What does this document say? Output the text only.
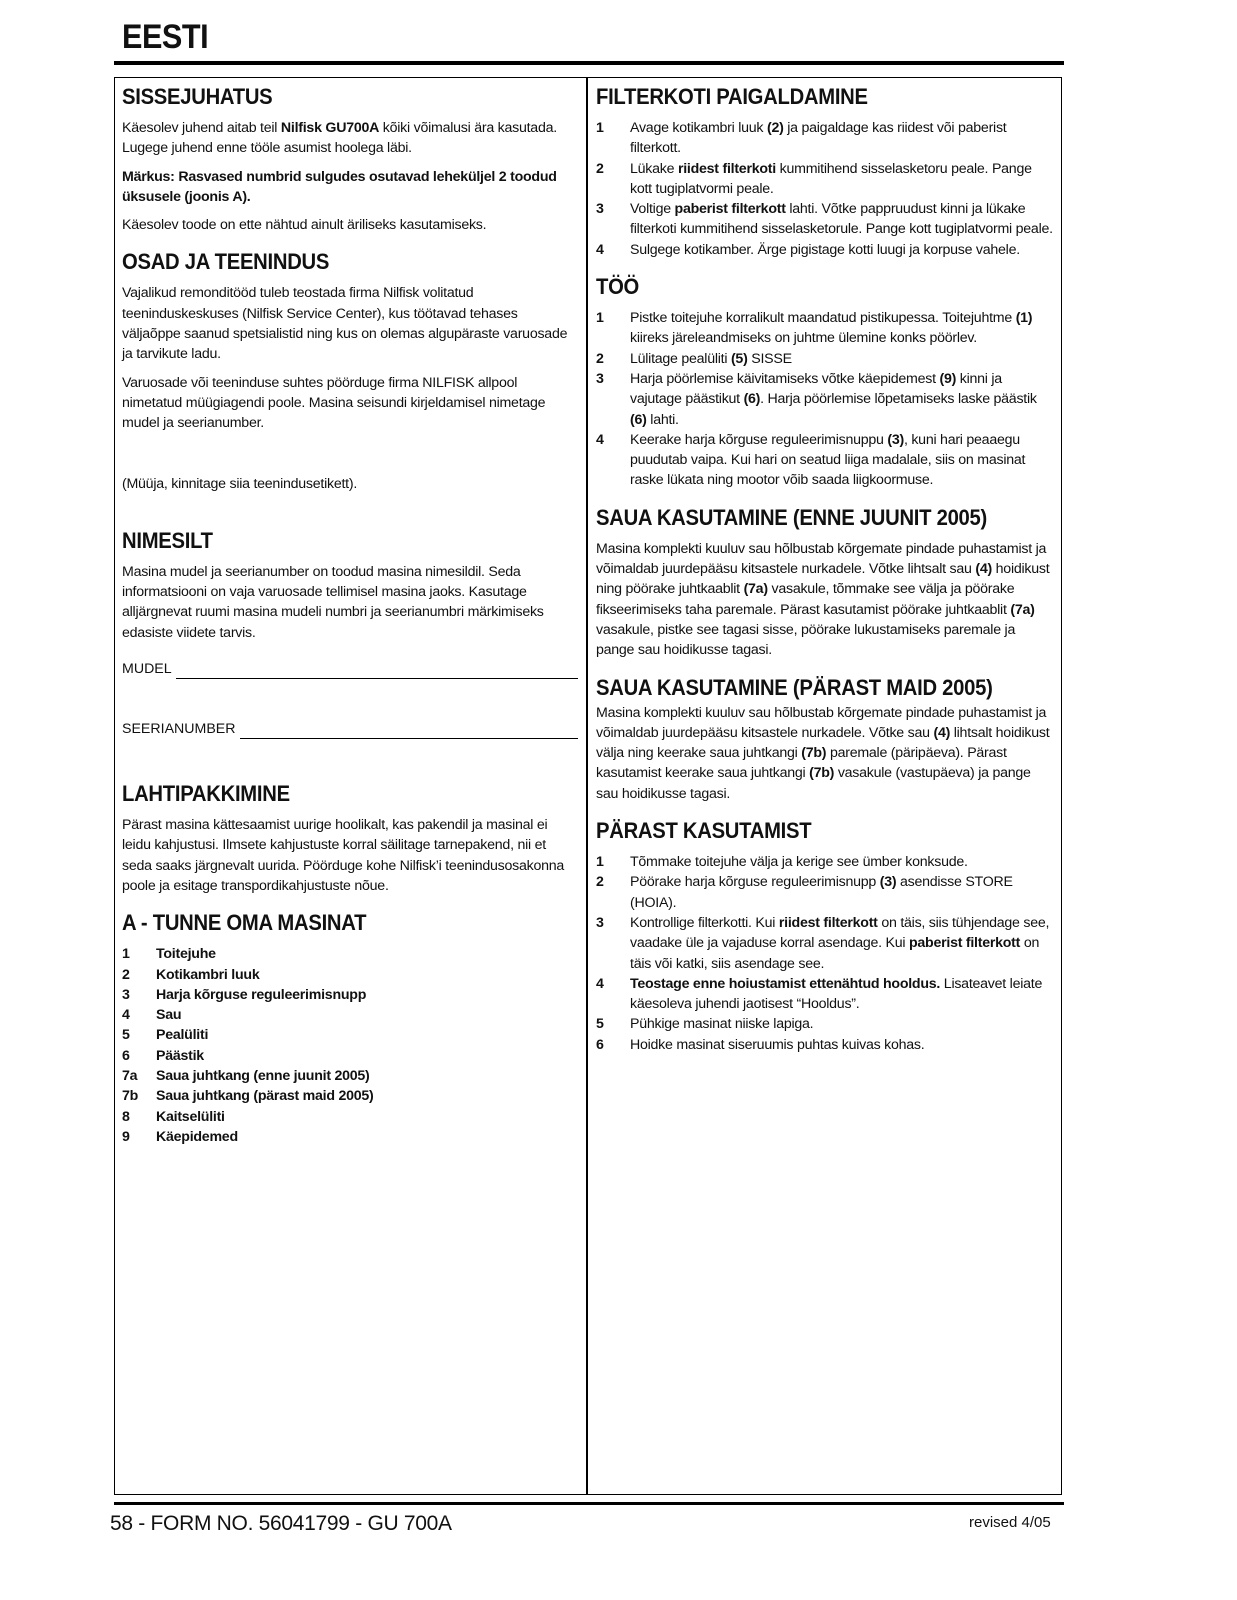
EESTI
SISSEJUHATUS

Käesolev juhend aitab teil Nilfisk GU700A kõiki võimalusi ära kasutada. Lugege juhend enne tööle asumist hoolega läbi.

Märkus: Rasvased numbrid sulgudes osutavad leheküljel 2 toodud üksusele (joonis A).

Käesolev toode on ette nähtud ainult äriliseks kasutamiseks.

OSAD JA TEENINDUS

Vajalikud remonditööd tuleb teostada firma Nilfisk volitatud teeninduskeskuses (Nilfisk Service Center), kus töötavad tehases väljaõppe saanud spetsialistid ning kus on olemas algupäraste varuosade ja tarvikute ladu.

Varuosade või teeninduse suhtes pöörduge firma NILFISK allpool nimetatud müügiagendi poole. Masina seisundi kirjeldamisel nimetage mudel ja seerianumber.

(Müüja, kinnitage siia teenindusetikett).

NIMESILT

Masina mudel ja seerianumber on toodud masina nimesildil. Seda informatsiooni on vaja varuosade tellimisel masina jaoks. Kasutage alljärgnevat ruumi masina mudeli numbri ja seerianumbri märkimiseks edasiste viidete tarvis.

MUDEL
SEERIANUMBER
LAHTIPAKKIMINE

Pärast masina kättesaamist uurige hoolikalt, kas pakendil ja masinal ei leidu kahjustusi. Ilmsete kahjustuste korral säilitage tarnepakend, nii et seda saaks järgnevalt uurida. Pöörduge kohe Nilfisk’i teenindusosakonna poole ja esitage transpordikahjustuste nõue.

A - TUNNE OMA MASINAT
1 Toitejuhe
2 Kotikambri luuk
3 Harja kõrguse reguleerimisnupp
4 Sau
5 Pealüliti
6 Päästik
7a Saua juhtkang (enne juunit 2005)
7b Saua juhtkang (pärast maid 2005)
8 Kaitselüliti
9 Käepidemed
FILTERKOTI PAIGALDAMINE
1 Avage kotikambri luuk (2) ja paigaldage kas riidest või paberist filterkott.
2 Lükake riidest filterkoti kummitihend sisselasketoru peale. Pange kott tugiplatvormi peale.
3 Voltige paberist filterkott lahti. Võtke pappruudust kinni ja lükake filterkoti kummitihend sisselasketorule. Pange kott tugiplatvormi peale.
4 Sulgege kotikamber. Ärge pigistage kotti luugi ja korpuse vahele.
TÖÖ
1 Pistke toitejuhe korralikult maandatud pistikupessa. Toitejuhtme (1) kiireks järeleandmiseks on juhtme ülemine konks pöörlev.
2 Lülitage pealüliti (5) SISSE
3 Harja pöörlemise käivitamiseks võtke käepidemest (9) kinni ja vajutage päästikut (6). Harja pöörlemise lõpetamiseks laske päästik (6) lahti.
4 Keerake harja kõrguse reguleerimisnuppu (3), kuni hari peaaegu puudutab vaipa. Kui hari on seatud liiga madalale, siis on masinat raske lükata ning mootor võib saada liigkoormuse.
SAUA KASUTAMINE (ENNE JUUNIT 2005)

Masina komplekti kuuluv sau hõlbustab kõrgemate pindade puhastamist ja võimaldab juurdepääsu kitsastele nurkadele. Võtke lihtsalt sau (4) hoidikust ning pöörake juhtkaablit (7a) vasakule, tõmmake see välja ja pöörake fikseerimiseks taha paremale. Pärast kasutamist pöörake juhtkaablit (7a) vasakule, pistke see tagasi sisse, pöörake lukustamiseks paremale ja pange sau hoidikusse tagasi.

SAUA KASUTAMINE (PÄRAST MAID 2005)

Masina komplekti kuuluv sau hõlbustab kõrgemate pindade puhastamist ja võimaldab juurdepääsu kitsastele nurkadele. Võtke sau (4) lihtsalt hoidikust välja ning keerake saua juhtkangi (7b) paremale (päripäeva). Pärast kasutamist keerake saua juhtkangi (7b) vasakule (vastupäeva) ja pange sau hoidikusse tagasi.

PÄRAST KASUTAMIST
1 Tõmmake toitejuhe välja ja kerige see ümber konksude.
2 Pöörake harja kõrguse reguleerimisnupp (3) asendisse STORE (HOIA).
3 Kontrollige filterkotti. Kui riidest filterkott on täis, siis tühjendage see, vaadake üle ja vajaduse korral asendage. Kui paberist filterkott on täis või katki, siis asendage see.
4 Teostage enne hoiustamist ettenähtud hooldus. Lisateavet leiate käesoleva juhendi jaotisest “Hooldus”.
5 Pühkige masinat niiske lapiga.
6 Hoidke masinat siseruumis puhtas kuivas kohas.
58 - FORM NO. 56041799 - GU 700A	revised 4/05
